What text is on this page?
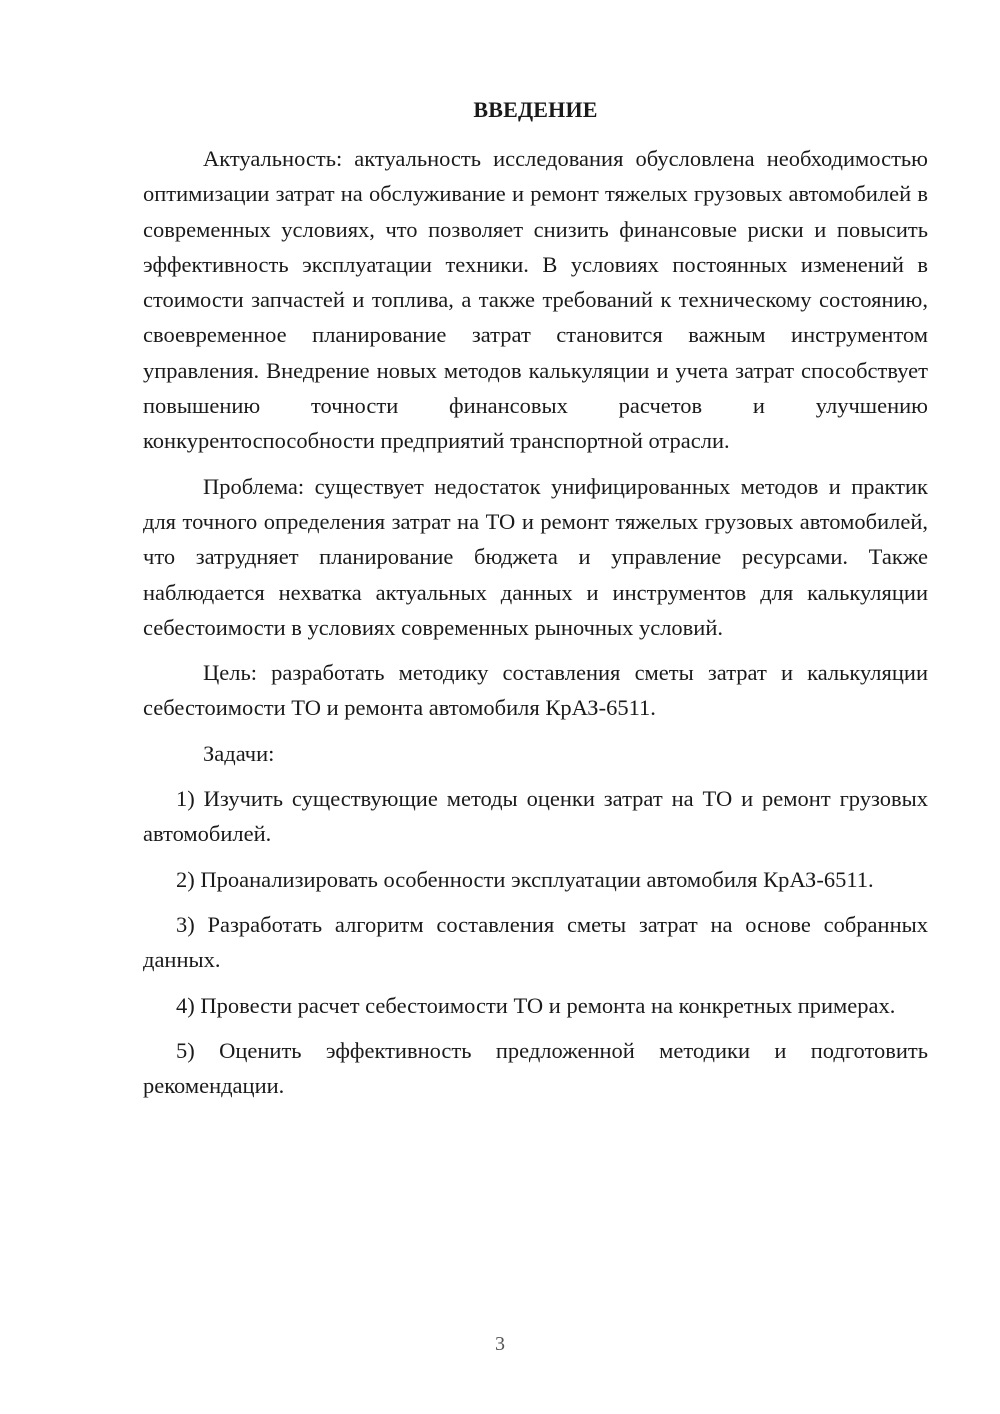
ВВЕДЕНИЕ

Актуальность: актуальность исследования обусловлена необходимостью оптимизации затрат на обслуживание и ремонт тяжелых грузовых автомобилей в современных условиях, что позволяет снизить финансовые риски и повысить эффективность эксплуатации техники. В условиях постоянных изменений в стоимости запчастей и топлива, а также требований к техническому состоянию, своевременное планирование затрат становится важным инструментом управления. Внедрение новых методов калькуляции и учета затрат способствует повышению точности финансовых расчетов и улучшению конкурентоспособности предприятий транспортной отрасли.

Проблема: существует недостаток унифицированных методов и практик для точного определения затрат на ТО и ремонт тяжелых грузовых автомобилей, что затрудняет планирование бюджета и управление ресурсами. Также наблюдается нехватка актуальных данных и инструментов для калькуляции себестоимости в условиях современных рыночных условий.

Цель: разработать методику составления сметы затрат и калькуляции себестоимости ТО и ремонта автомобиля КрАЗ-6511.

Задачи:

1) Изучить существующие методы оценки затрат на ТО и ремонт грузовых автомобилей.

2) Проанализировать особенности эксплуатации автомобиля КрАЗ-6511.

3) Разработать алгоритм составления сметы затрат на основе собранных данных.

4) Провести расчет себестоимости ТО и ремонта на конкретных примерах.

5) Оценить эффективность предложенной методики и подготовить рекомендации.

3
